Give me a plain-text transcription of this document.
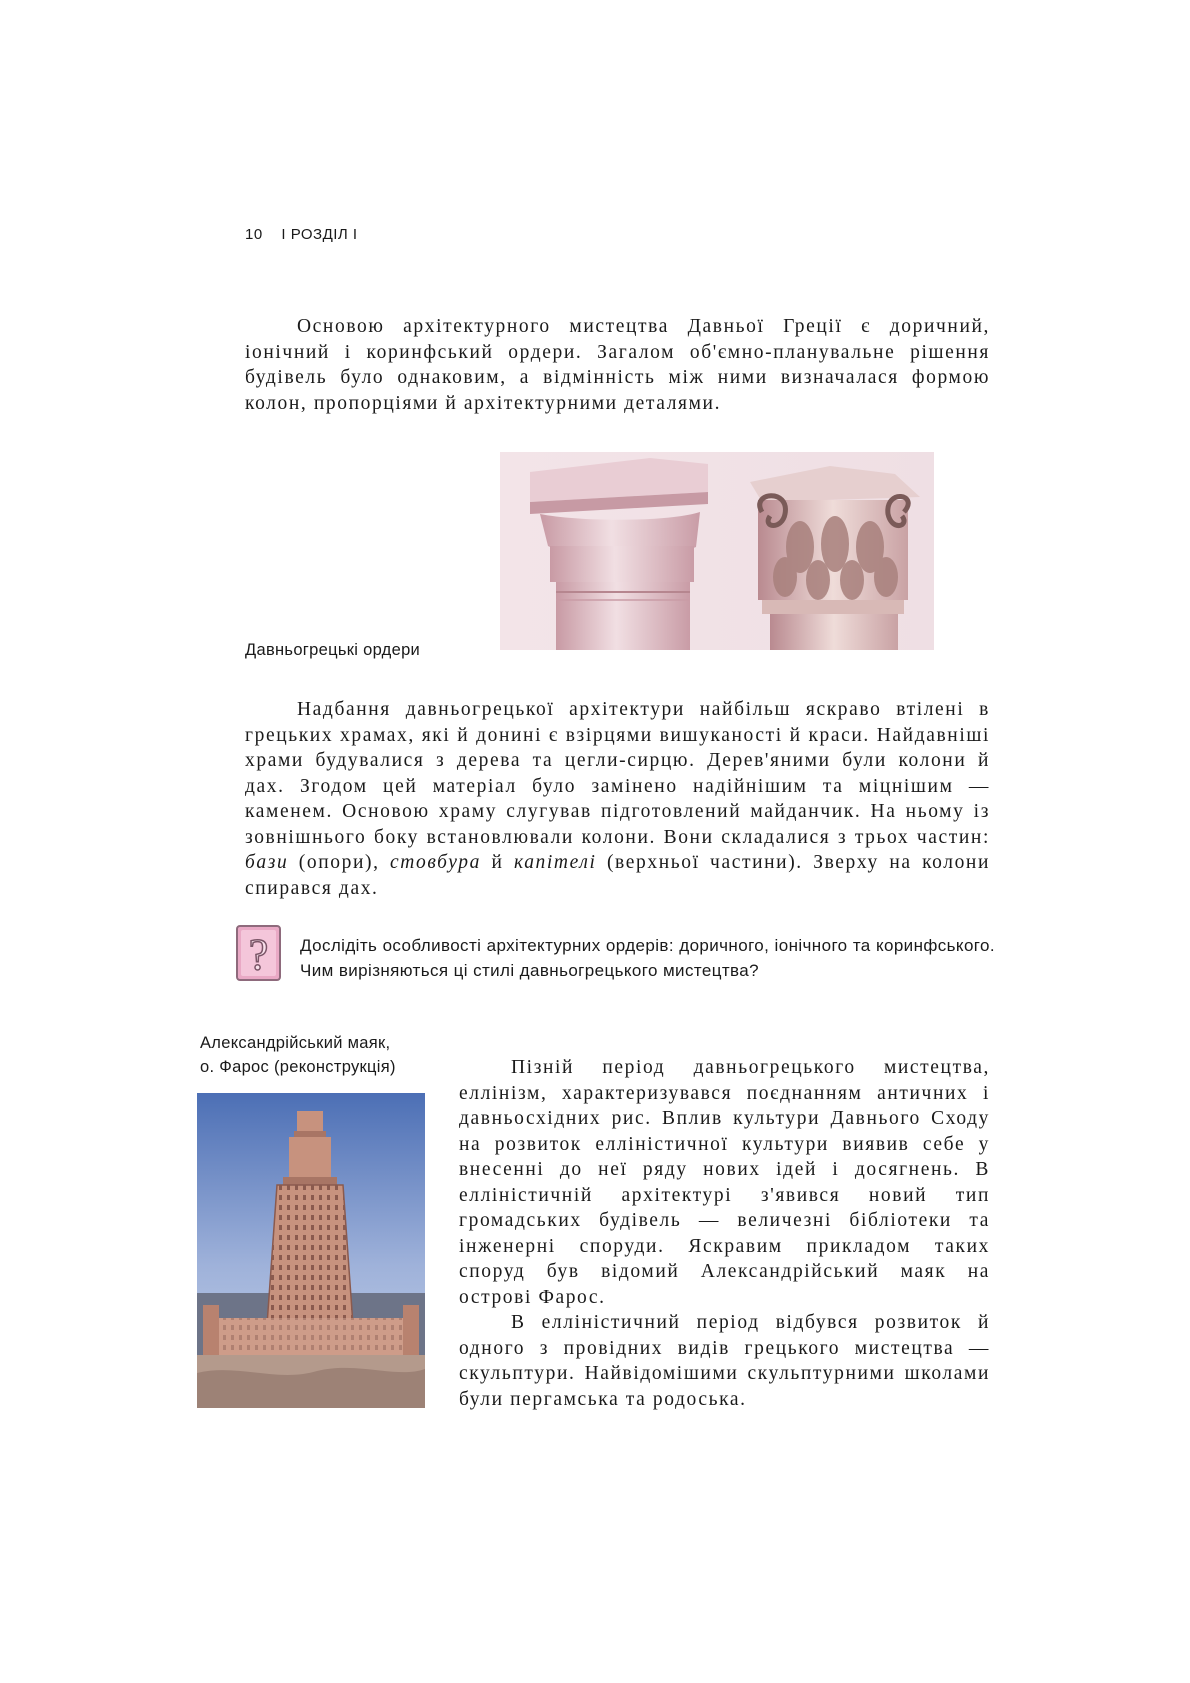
10 І РОЗДІЛ І

Основою архітектурного мистецтва Давньої Греції є доричний, іонічний і коринфський ордери. Загалом об'ємно-планувальне рішення будівель було однаковим, а відмінність між ними визначалася формою колон, пропорціями й архітектурними деталями.

Давньогрецькі ордери

Надбання давньогрецької архітектури найбільш яскраво втілені в грецьких храмах, які й донині є взірцями вишуканості й краси. Найдавніші храми будувалися з дерева та цегли-сирцю. Дерев'яними були колони й дах. Згодом цей матеріал було замінено надійнішим та міцнішим — каменем. Основою храму слугував підготовлений майданчик. На ньому із зовнішнього боку встановлювали колони. Вони складалися з трьох частин: бази (опори), стовбура й капітелі (верхньої частини). Зверху на колони спирався дах.

? Дослідіть особливості архітектурних ордерів: доричного, іонічного та коринфського. Чим вирізняються ці стилі давньогрецького мистецтва?
Александрійський маяк,
о. Фарос (реконструкція)	Пізній період давньогрецького мистецтва, еллінізм, характеризувався поєднанням античних і давньосхідних рис. Вплив культури Давнього Сходу на розвиток елліністичної культури виявив себе у внесенні до неї ряду нових ідей і досягнень. В елліністичній архітектурі з'явився новий тип громадських будівель — величезні бібліотеки та інженерні споруди. Яскравим прикладом таких споруд був відомий Александрійський маяк на острові Фарос.

В елліністичний період відбувся розвиток й одного з провідних видів грецького мистецтва — скульптури. Найвідомішими скульптурними школами були пергамська та родоська.
